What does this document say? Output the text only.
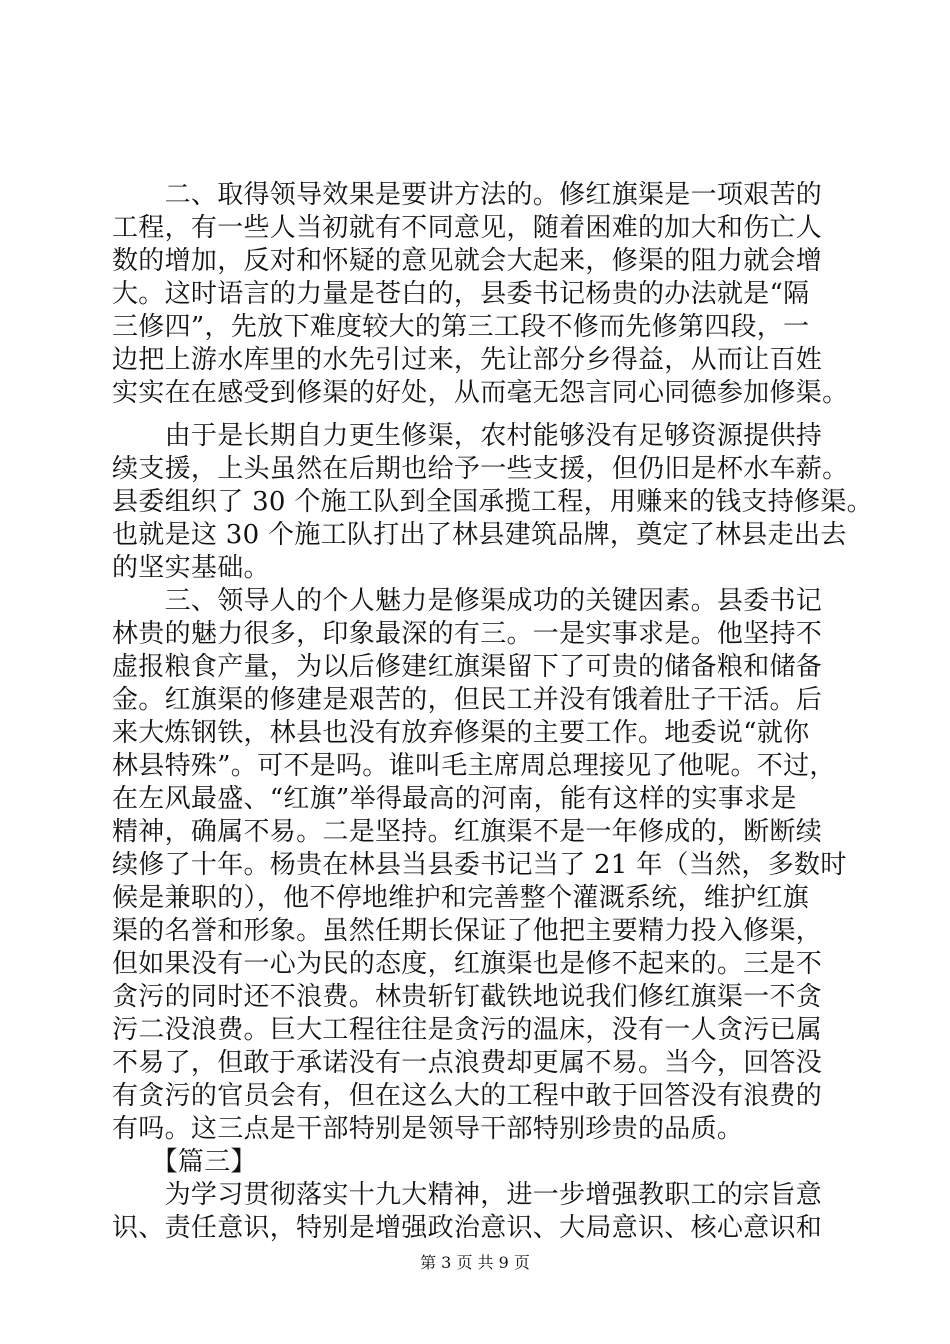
　　二、取得领导效果是要讲方法的。修红旗渠是一项艰苦的
工程，有一些人当初就有不同意见，随着困难的加大和伤亡人
数的增加，反对和怀疑的意见就会大起来，修渠的阻力就会增
大。这时语言的力量是苍白的，县委书记杨贵的办法就是“隔
三修四”，先放下难度较大的第三工段不修而先修第四段，一
边把上游水库里的水先引过来，先让部分乡得益，从而让百姓
实实在在感受到修渠的好处，从而毫无怨言同心同德参加修渠。
　　由于是长期自力更生修渠，农村能够没有足够资源提供持
续支援，上头虽然在后期也给予一些支援，但仍旧是杯水车薪。
县委组织了 30 个施工队到全国承揽工程，用赚来的钱支持修渠。
也就是这 30 个施工队打出了林县建筑品牌，奠定了林县走出去
的坚实基础。
　　三、领导人的个人魅力是修渠成功的关键因素。县委书记
林贵的魅力很多，印象最深的有三。一是实事求是。他坚持不
虚报粮食产量，为以后修建红旗渠留下了可贵的储备粮和储备
金。红旗渠的修建是艰苦的，但民工并没有饿着肚子干活。后
来大炼钢铁，林县也没有放弃修渠的主要工作。地委说“就你
林县特殊”。可不是吗。谁叫毛主席周总理接见了他呢。不过，
在左风最盛、“红旗”举得最高的河南，能有这样的实事求是
精神，确属不易。二是坚持。红旗渠不是一年修成的，断断续
续修了十年。杨贵在林县当县委书记当了 21 年（当然，多数时
候是兼职的），他不停地维护和完善整个灌溉系统，维护红旗
渠的名誉和形象。虽然任期长保证了他把主要精力投入修渠，
但如果没有一心为民的态度，红旗渠也是修不起来的。三是不
贪污的同时还不浪费。林贵斩钉截铁地说我们修红旗渠一不贪
污二没浪费。巨大工程往往是贪污的温床，没有一人贪污已属
不易了，但敢于承诺没有一点浪费却更属不易。当今，回答没
有贪污的官员会有，但在这么大的工程中敢于回答没有浪费的
有吗。这三点是干部特别是领导干部特别珍贵的品质。
　　【篇三】
　　为学习贯彻落实十九大精神，进一步增强教职工的宗旨意
识、责任意识，特别是增强政治意识、大局意识、核心意识和
第 3 页 共 9 页
